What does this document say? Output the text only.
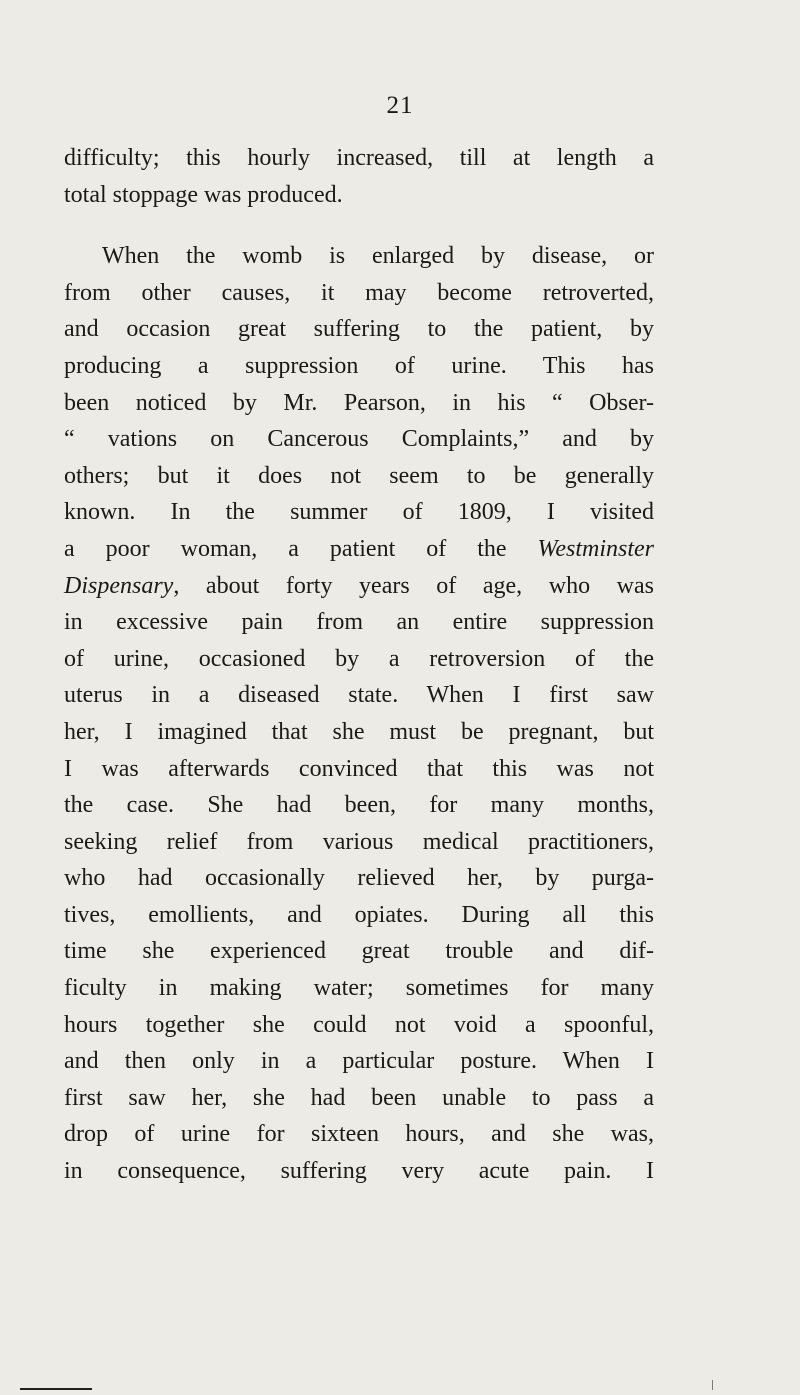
21
difficulty; this hourly increased, till at length a
total stoppage was produced.
When the womb is enlarged by disease, or
from other causes, it may become retroverted,
and occasion great suffering to the patient, by
producing a suppression of urine. This has
been noticed by Mr. Pearson, in his “ Obser-
“ vations on Cancerous Complaints,” and by
others; but it does not seem to be generally
known. In the summer of 1809, I visited
a poor woman, a patient of the Westminster
Dispensary, about forty years of age, who was
in excessive pain from an entire suppression
of urine, occasioned by a retroversion of the
uterus in a diseased state. When I first saw
her, I imagined that she must be pregnant, but
I was afterwards convinced that this was not
the case. She had been, for many months,
seeking relief from various medical practitioners,
who had occasionally relieved her, by purga-
tives, emollients, and opiates. During all this
time she experienced great trouble and dif-
ficulty in making water; sometimes for many
hours together she could not void a spoonful,
and then only in a particular posture. When I
first saw her, she had been unable to pass a
drop of urine for sixteen hours, and she was,
in consequence, suffering very acute pain. I
